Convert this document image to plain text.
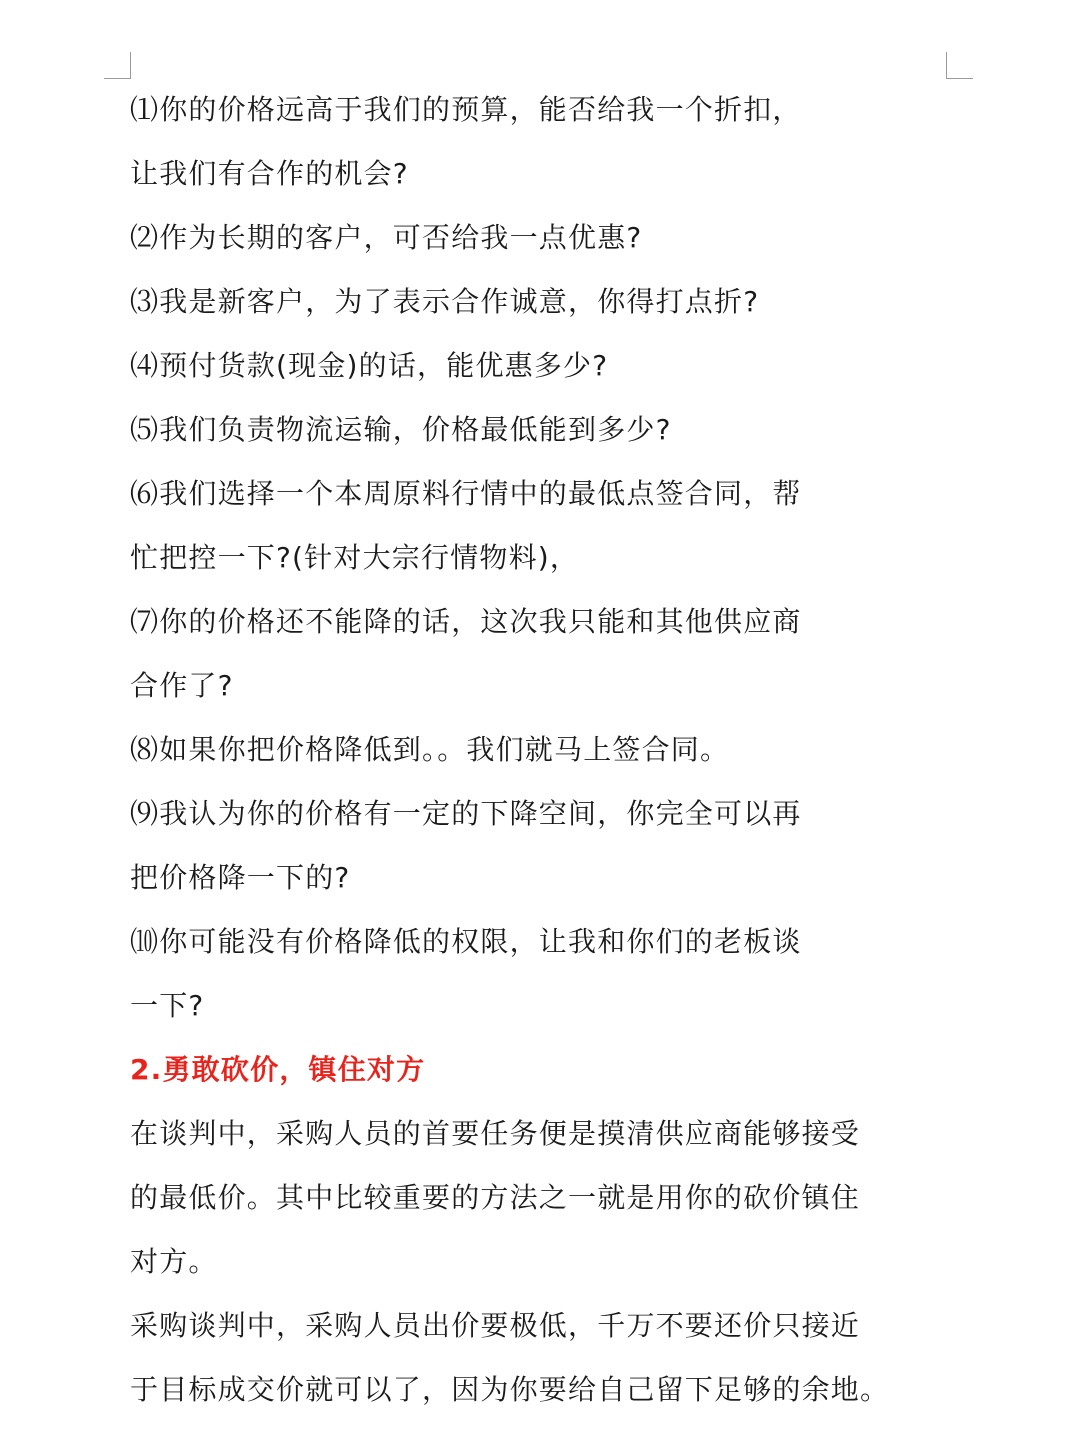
⑴你的价格远高于我们的预算，能否给我一个折扣，
让我们有合作的机会?
⑵作为长期的客户，可否给我一点优惠?
⑶我是新客户，为了表示合作诚意，你得打点折?
⑷预付货款(现金)的话，能优惠多少?
⑸我们负责物流运输，价格最低能到多少?
⑹我们选择一个本周原料行情中的最低点签合同，帮
忙把控一下?(针对大宗行情物料)，
⑺你的价格还不能降的话，这次我只能和其他供应商
合作了?
⑻如果你把价格降低到。。我们就马上签合同。
⑼我认为你的价格有一定的下降空间，你完全可以再
把价格降一下的?
⑽你可能没有价格降低的权限，让我和你们的老板谈
一下?
2.勇敢砍价，镇住对方
在谈判中，采购人员的首要任务便是摸清供应商能够接受
的最低价。其中比较重要的方法之一就是用你的砍价镇住
对方。
采购谈判中，采购人员出价要极低，千万不要还价只接近
于目标成交价就可以了，因为你要给自己留下足够的余地。
